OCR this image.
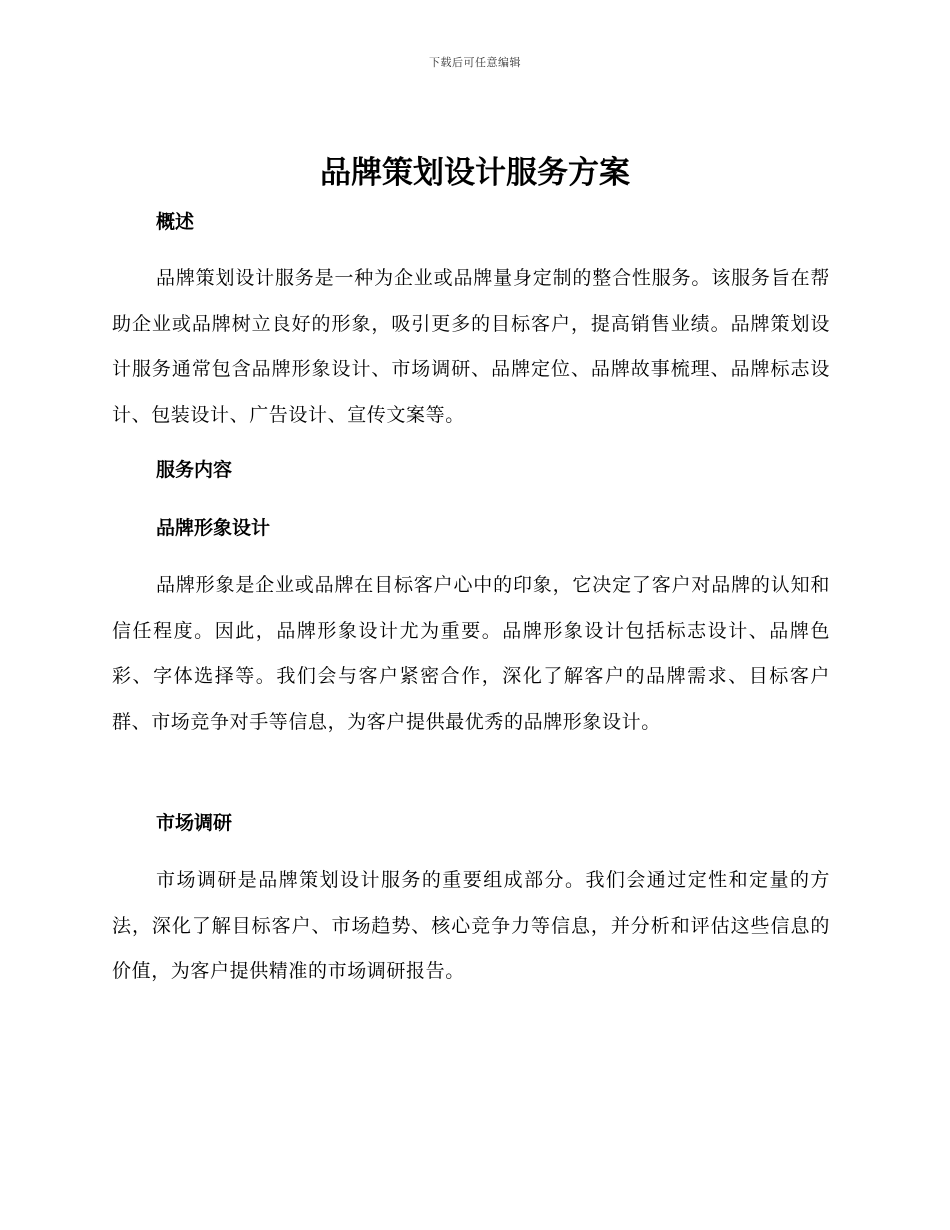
下载后可任意编辑
品牌策划设计服务方案
概述

品牌策划设计服务是一种为企业或品牌量身定制的整合性服务。该服务旨在帮助企业或品牌树立良好的形象，吸引更多的目标客户，提高销售业绩。品牌策划设计服务通常包含品牌形象设计、市场调研、品牌定位、品牌故事梳理、品牌标志设计、包装设计、广告设计、宣传文案等。

服务内容
品牌形象设计

品牌形象是企业或品牌在目标客户心中的印象，它决定了客户对品牌的认知和信任程度。因此，品牌形象设计尤为重要。品牌形象设计包括标志设计、品牌色彩、字体选择等。我们会与客户紧密合作，深化了解客户的品牌需求、目标客户群、市场竞争对手等信息，为客户提供最优秀的品牌形象设计。

市场调研

市场调研是品牌策划设计服务的重要组成部分。我们会通过定性和定量的方法，深化了解目标客户、市场趋势、核心竞争力等信息，并分析和评估这些信息的价值，为客户提供精准的市场调研报告。
